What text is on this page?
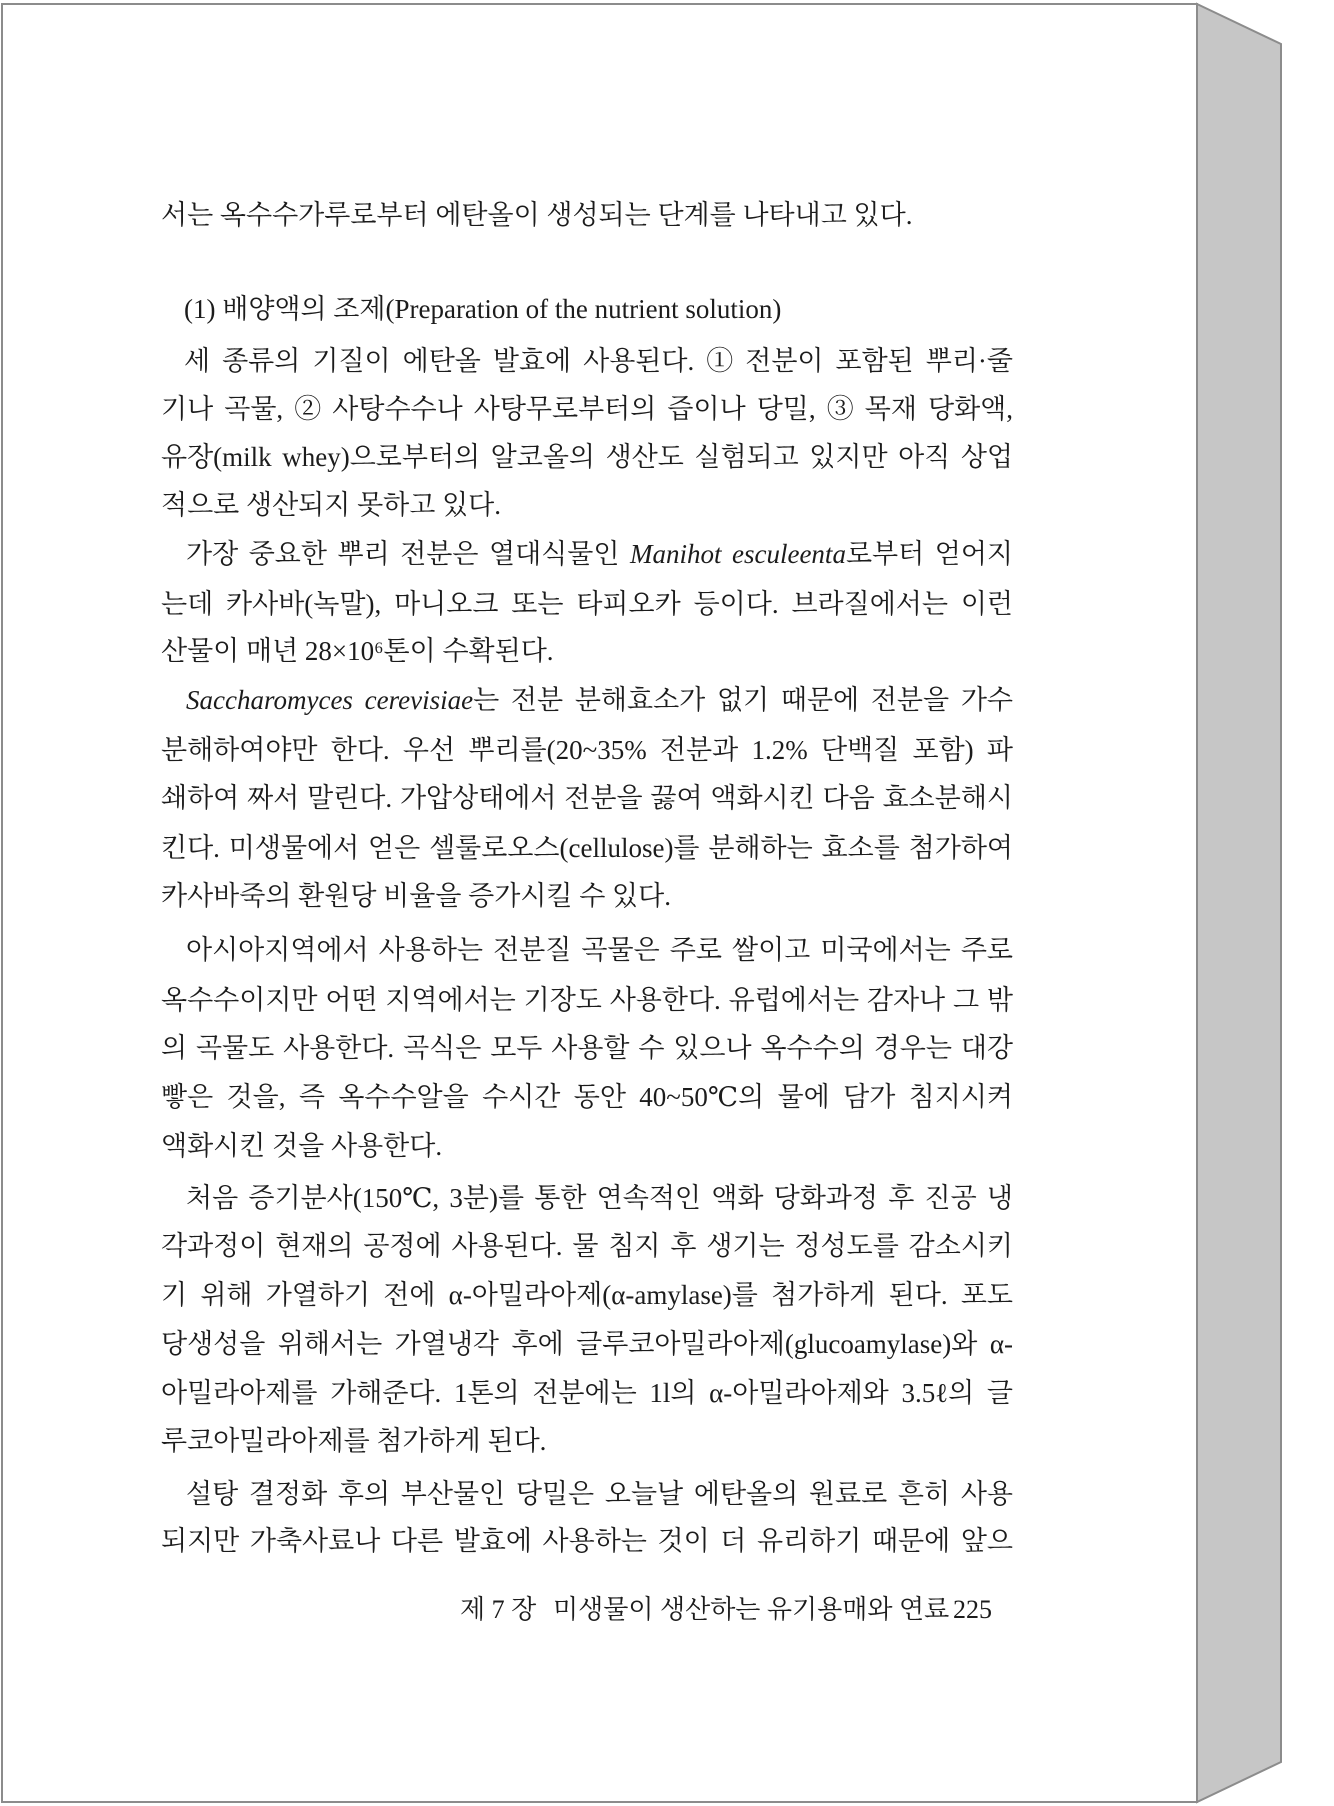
서는 옥수수가루로부터 에탄올이 생성되는 단계를 나타내고 있다.
(1) 배양액의 조제(Preparation of the nutrient solution)
세 종류의 기질이 에탄올 발효에 사용된다. ① 전분이 포함된 뿌리·줄
기나 곡물, ② 사탕수수나 사탕무로부터의 즙이나 당밀, ③ 목재 당화액,
유장(milk whey)으로부터의 알코올의 생산도 실험되고 있지만 아직 상업
적으로 생산되지 못하고 있다.
가장 중요한 뿌리 전분은 열대식물인 Manihot esculeenta로부터 얻어지
는데 카사바(녹말), 마니오크 또는 타피오카 등이다. 브라질에서는 이런
산물이 매년 28×10⁶톤이 수확된다.
Saccharomyces cerevisiae는 전분 분해효소가 없기 때문에 전분을 가수
분해하여야만 한다. 우선 뿌리를(20~35% 전분과 1.2% 단백질 포함) 파
쇄하여 짜서 말린다. 가압상태에서 전분을 끓여 액화시킨 다음 효소분해시
킨다. 미생물에서 얻은 셀룰로오스(cellulose)를 분해하는 효소를 첨가하여
카사바죽의 환원당 비율을 증가시킬 수 있다.
아시아지역에서 사용하는 전분질 곡물은 주로 쌀이고 미국에서는 주로
옥수수이지만 어떤 지역에서는 기장도 사용한다. 유럽에서는 감자나 그 밖
의 곡물도 사용한다. 곡식은 모두 사용할 수 있으나 옥수수의 경우는 대강
빻은 것을, 즉 옥수수알을 수시간 동안 40~50℃의 물에 담가 침지시켜
액화시킨 것을 사용한다.
처음 증기분사(150℃, 3분)를 통한 연속적인 액화 당화과정 후 진공 냉
각과정이 현재의 공정에 사용된다. 물 침지 후 생기는 정성도를 감소시키
기 위해 가열하기 전에 α-아밀라아제(α-amylase)를 첨가하게 된다. 포도
당생성을 위해서는 가열냉각 후에 글루코아밀라아제(glucoamylase)와 α-
아밀라아제를 가해준다. 1톤의 전분에는 1l의 α-아밀라아제와 3.5ℓ의 글
루코아밀라아제를 첨가하게 된다.
설탕 결정화 후의 부산물인 당밀은 오늘날 에탄올의 원료로 흔히 사용
되지만 가축사료나 다른 발효에 사용하는 것이 더 유리하기 때문에 앞으
제 7 장 미생물이 생산하는 유기용매와 연료 225
